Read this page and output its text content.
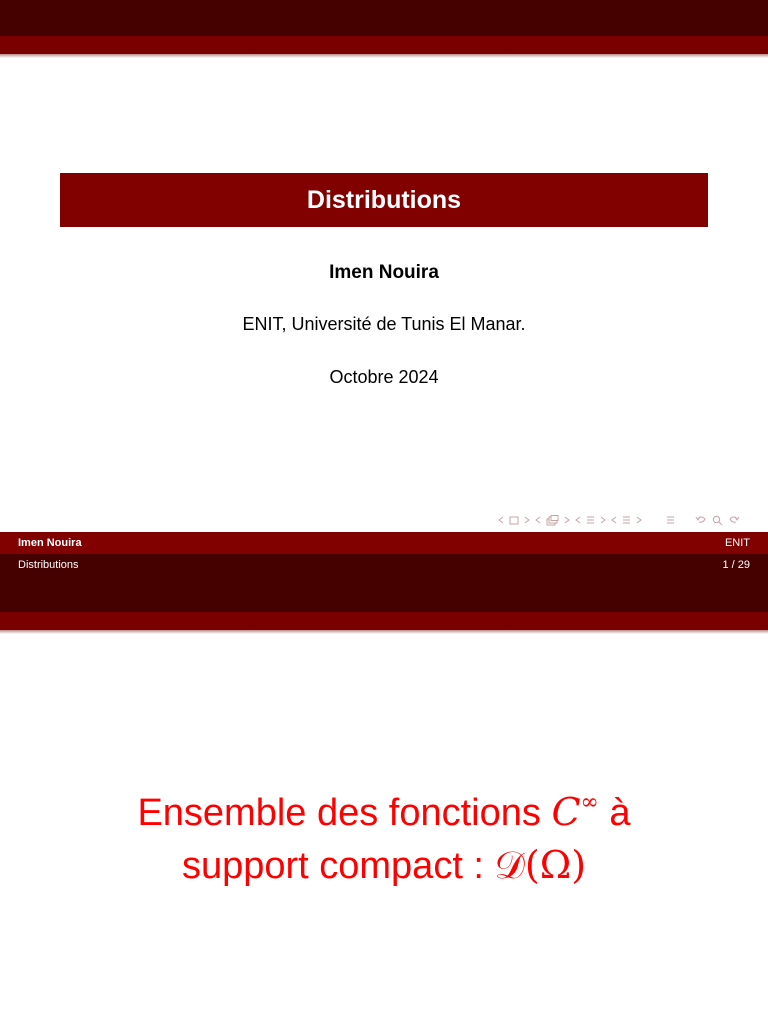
Distributions
Imen Nouira
ENIT, Université de Tunis El Manar.
Octobre 2024
Imen Nouira	ENIT
Distributions	1 / 29
Ensemble des fonctions C∞ à
support compact : 𝒟(Ω)
